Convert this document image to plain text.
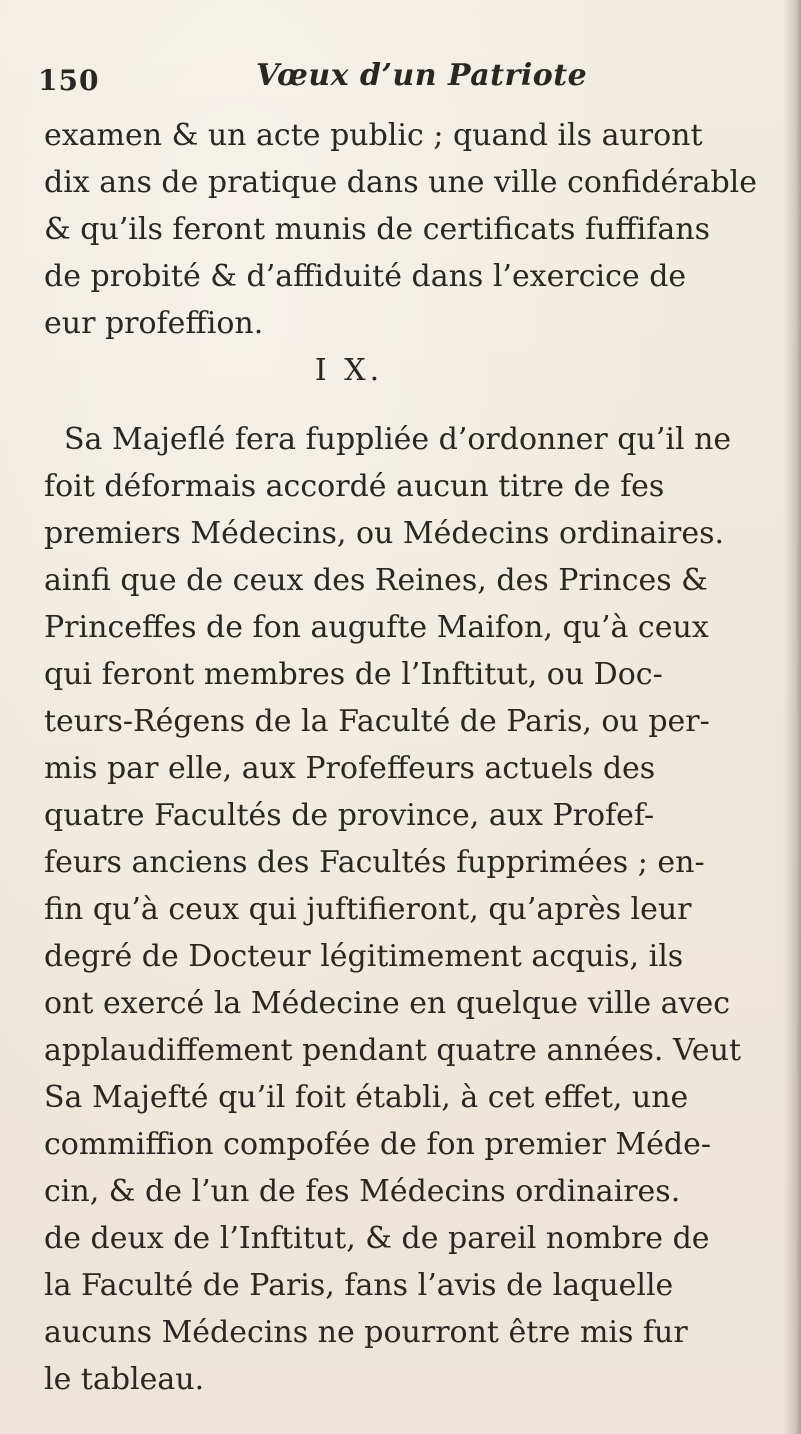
150	Vœux d’un Patriote
examen & un acte public ; quand ils auront
dix ans de pratique dans une ville confidérable
& qu’ils feront munis de certificats fuffifans
de probité & d’affiduité dans l’exercice de
eur profeffion.
I X.
Sa Majeflé fera fuppliée d’ordonner qu’il ne
foit déformais accordé aucun titre de fes
premiers Médecins, ou Médecins ordinaires.
ainfi que de ceux des Reines, des Princes &
Princeffes de fon augufte Maifon, qu’à ceux
qui feront membres de l’Inftitut, ou Doc-
teurs-Régens de la Faculté de Paris, ou per-
mis par elle, aux Profeffeurs actuels des
quatre Facultés de province, aux Profef-
feurs anciens des Facultés fupprimées ; en-
fin qu’à ceux qui juftifieront, qu’après leur
degré de Docteur légitimement acquis, ils
ont exercé la Médecine en quelque ville avec
applaudiffement pendant quatre années. Veut
Sa Majefté qu’il foit établi, à cet effet, une
commiffion compofée de fon premier Méde-
cin, & de l’un de fes Médecins ordinaires.
de deux de l’Inftitut, & de pareil nombre de
la Faculté de Paris, fans l’avis de laquelle
aucuns Médecins ne pourront être mis fur
le tableau.
